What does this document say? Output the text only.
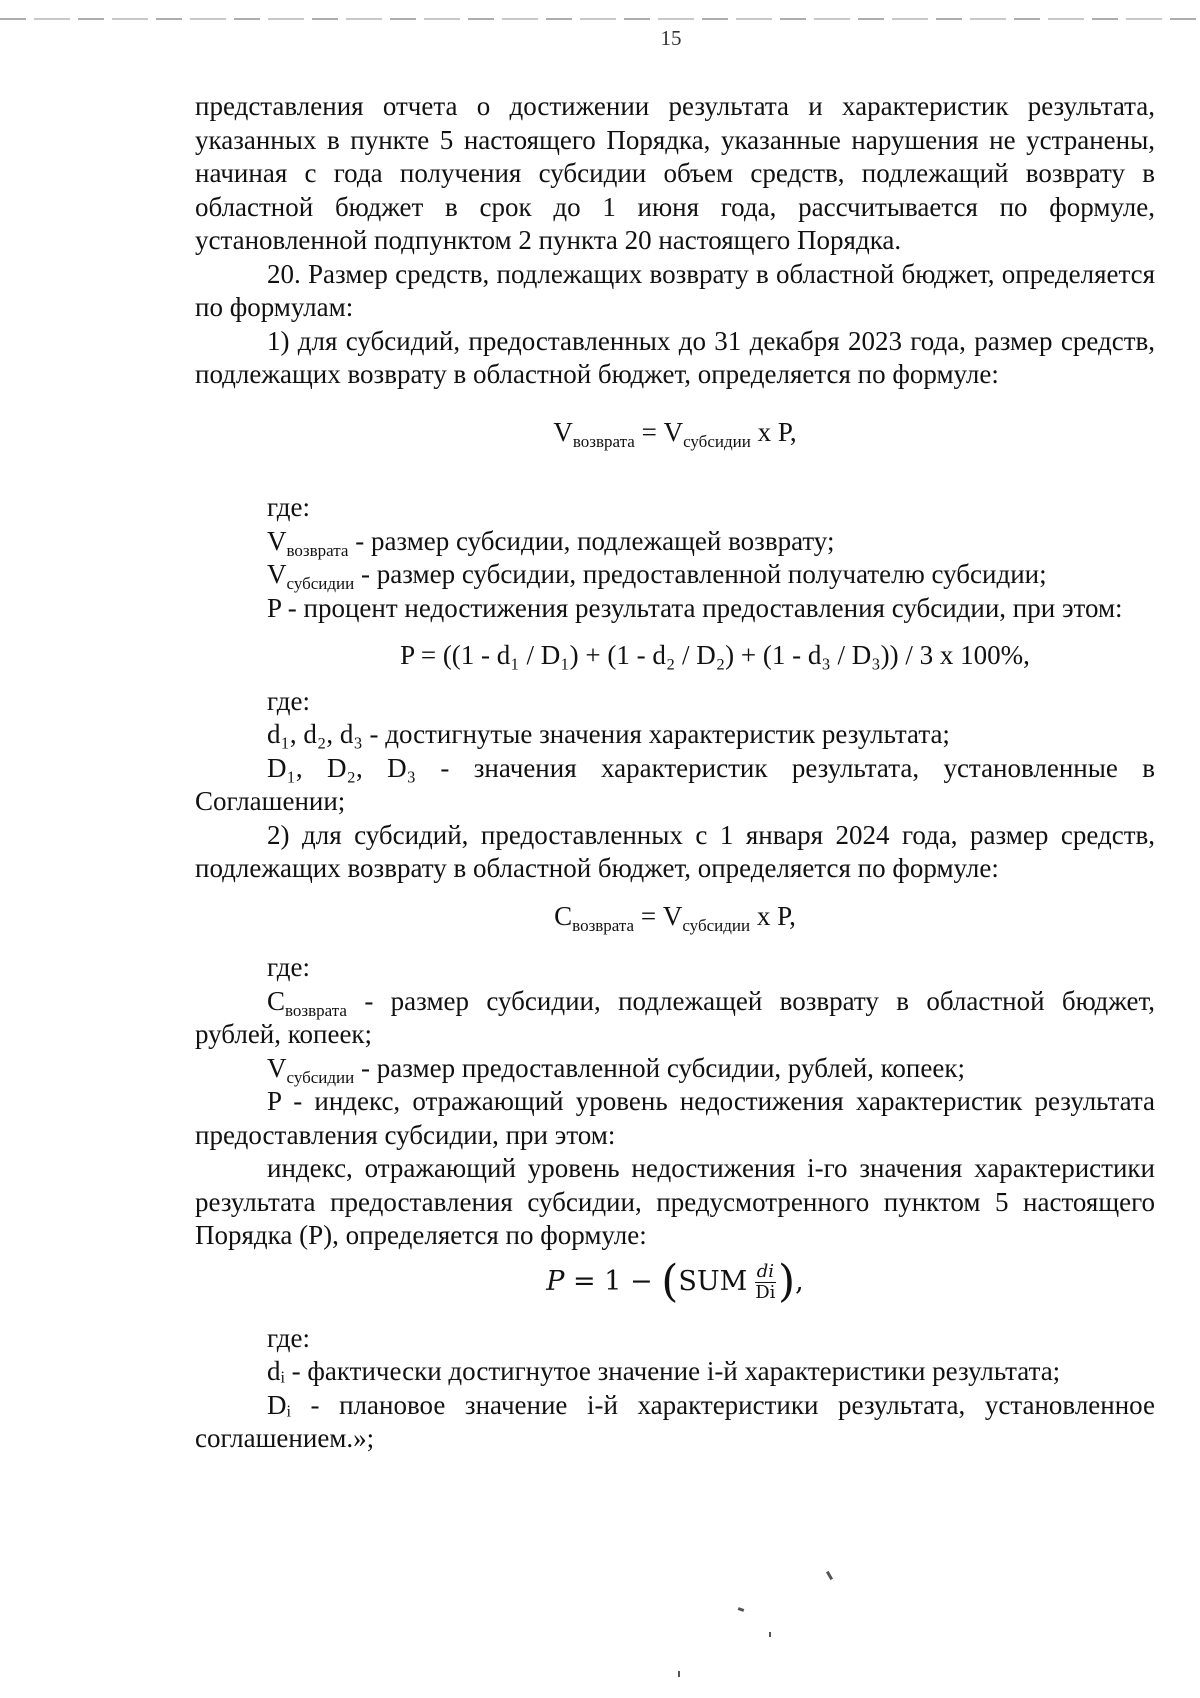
15

представления отчета о достижении результата и характеристик результата, указанных в пункте 5 настоящего Порядка, указанные нарушения не устранены, начиная с года получения субсидии объем средств, подлежащий возврату в областной бюджет в срок до 1 июня года, рассчитывается по формуле, установленной подпунктом 2 пункта 20 настоящего Порядка.

20. Размер средств, подлежащих возврату в областной бюджет, определяется по формулам:

1) для субсидий, предоставленных до 31 декабря 2023 года, размер средств, подлежащих возврату в областной бюджет, определяется по формуле:

$V_{возврата} = V_{субсидии}$ x P,

где:

$V_{возврата}$ - размер субсидии, подлежащей возврату;

$V_{субсидии}$ - размер субсидии, предоставленной получателю субсидии;

P - процент недостижения результата предоставления субсидии, при этом:

P = ((1 - d₁ / D₁) + (1 - d₂ / D₂) + (1 - d₃ / D₃)) / 3 x 100%,

где:

d₁, d₂, d₃ - достигнутые значения характеристик результата;

D₁, D₂, D₃ - значения характеристик результата, установленные в Соглашении;

2) для субсидий, предоставленных с 1 января 2024 года, размер средств, подлежащих возврату в областной бюджет, определяется по формуле:

$C_{возврата} = V_{субсидии}$ x P,

где:

$C_{возврата}$ - размер субсидии, подлежащей возврату в областной бюджет, рублей, копеек;

$V_{субсидии}$ - размер предоставленной субсидии, рублей, копеек;

P - индекс, отражающий уровень недостижения характеристик результата предоставления субсидии, при этом:

индекс, отражающий уровень недостижения i-го значения характеристики результата предоставления субсидии, предусмотренного пунктом 5 настоящего Порядка (P), определяется по формуле:

$P = 1 - (SUM \frac{di}{Di}$ ),

где:

dᵢ - фактически достигнутое значение i-й характеристики результата;

Dᵢ - плановое значение i-й характеристики результата, установленное соглашением.»;
